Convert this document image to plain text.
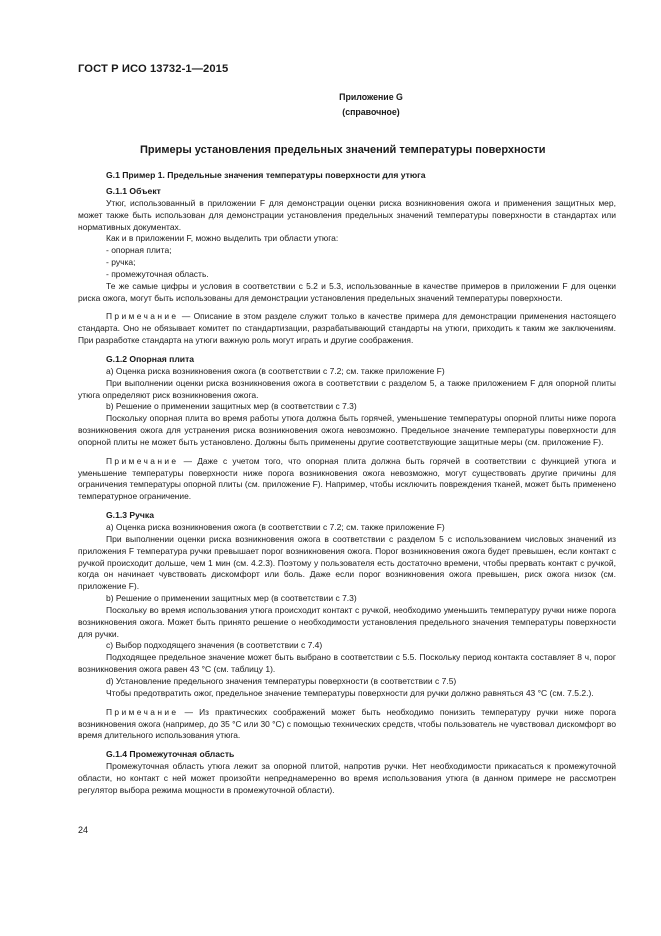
ГОСТ Р ИСО 13732-1—2015
Приложение G
(справочное)
Примеры установления предельных значений температуры поверхности
G.1 Пример 1. Предельные значения температуры поверхности для утюга
G.1.1 Объект

Утюг, использованный в приложении F для демонстрации оценки риска возникновения ожога и применения защитных мер, может также быть использован для демонстрации установления предельных значений температуры поверхности в стандартах или нормативных документах.

Как и в приложении F, можно выделить три области утюга:

- опорная плита;

- ручка;

- промежуточная область.

Те же самые цифры и условия в соответствии с 5.2 и 5.3, использованные в качестве примеров в приложении F для оценки риска ожога, могут быть использованы для демонстрации установления предельных значений температуры поверхности.

Примечание — Описание в этом разделе служит только в качестве примера для демонстрации применения настоящего стандарта. Оно не обязывает комитет по стандартизации, разрабатывающий стандарты на утюги, приходить к таким же заключениям. При разработке стандарта на утюги важную роль могут играть и другие соображения.

G.1.2 Опорная плита

а) Оценка риска возникновения ожога (в соответствии с 7.2; см. также приложение F)

При выполнении оценки риска возникновения ожога в соответствии с разделом 5, а также приложением F для опорной плиты утюга определяют риск возникновения ожога.

b) Решение о применении защитных мер (в соответствии с 7.3)

Поскольку опорная плита во время работы утюга должна быть горячей, уменьшение температуры опорной плиты ниже порога возникновения ожога для устранения риска возникновения ожога невозможно. Предельное значение температуры поверхности для опорной плиты не может быть установлено. Должны быть применены другие соответствующие защитные меры (см. приложение F).

Примечание — Даже с учетом того, что опорная плита должна быть горячей в соответствии с функцией утюга и уменьшение температуры поверхности ниже порога возникновения ожога невозможно, могут существовать другие причины для ограничения температуры опорной плиты (см. приложение F). Например, чтобы исключить повреждения тканей, может быть применено температурное ограничение.

G.1.3 Ручка

а) Оценка риска возникновения ожога (в соответствии с 7.2; см. также приложение F)

При выполнении оценки риска возникновения ожога в соответствии с разделом 5 с использованием числовых значений из приложения F температура ручки превышает порог возникновения ожога. Порог возникновения ожога будет превышен, если контакт с ручкой происходит дольше, чем 1 мин (см. 4.2.3). Поэтому у пользователя есть достаточно времени, чтобы прервать контакт с ручкой, когда он начинает чувствовать дискомфорт или боль. Даже если порог возникновения ожога превышен, риск ожога низок (см. приложение F).

b) Решение о применении защитных мер (в соответствии с 7.3)

Поскольку во время использования утюга происходит контакт с ручкой, необходимо уменьшить температуру ручки ниже порога возникновения ожога. Может быть принято решение о необходимости установления предельного значения температуры поверхности для ручки.

с) Выбор подходящего значения (в соответствии с 7.4)

Подходящее предельное значение может быть выбрано в соответствии с 5.5. Поскольку период контакта составляет 8 ч, порог возникновения ожога равен 43 °С (см. таблицу 1).

d) Установление предельного значения температуры поверхности (в соответствии с 7.5)

Чтобы предотвратить ожог, предельное значение температуры поверхности для ручки должно равняться 43 °С (см. 7.5.2.).

Примечание — Из практических соображений может быть необходимо понизить температуру ручки ниже порога возникновения ожога (например, до 35 °С или 30 °С) с помощью технических средств, чтобы пользователь не чувствовал дискомфорт во время длительного использования утюга.

G.1.4 Промежуточная область

Промежуточная область утюга лежит за опорной плитой, напротив ручки. Нет необходимости прикасаться к промежуточной области, но контакт с ней может произойти непреднамеренно во время использования утюга (в данном примере не рассмотрен регулятор выбора режима мощности в промежуточной области).

24
